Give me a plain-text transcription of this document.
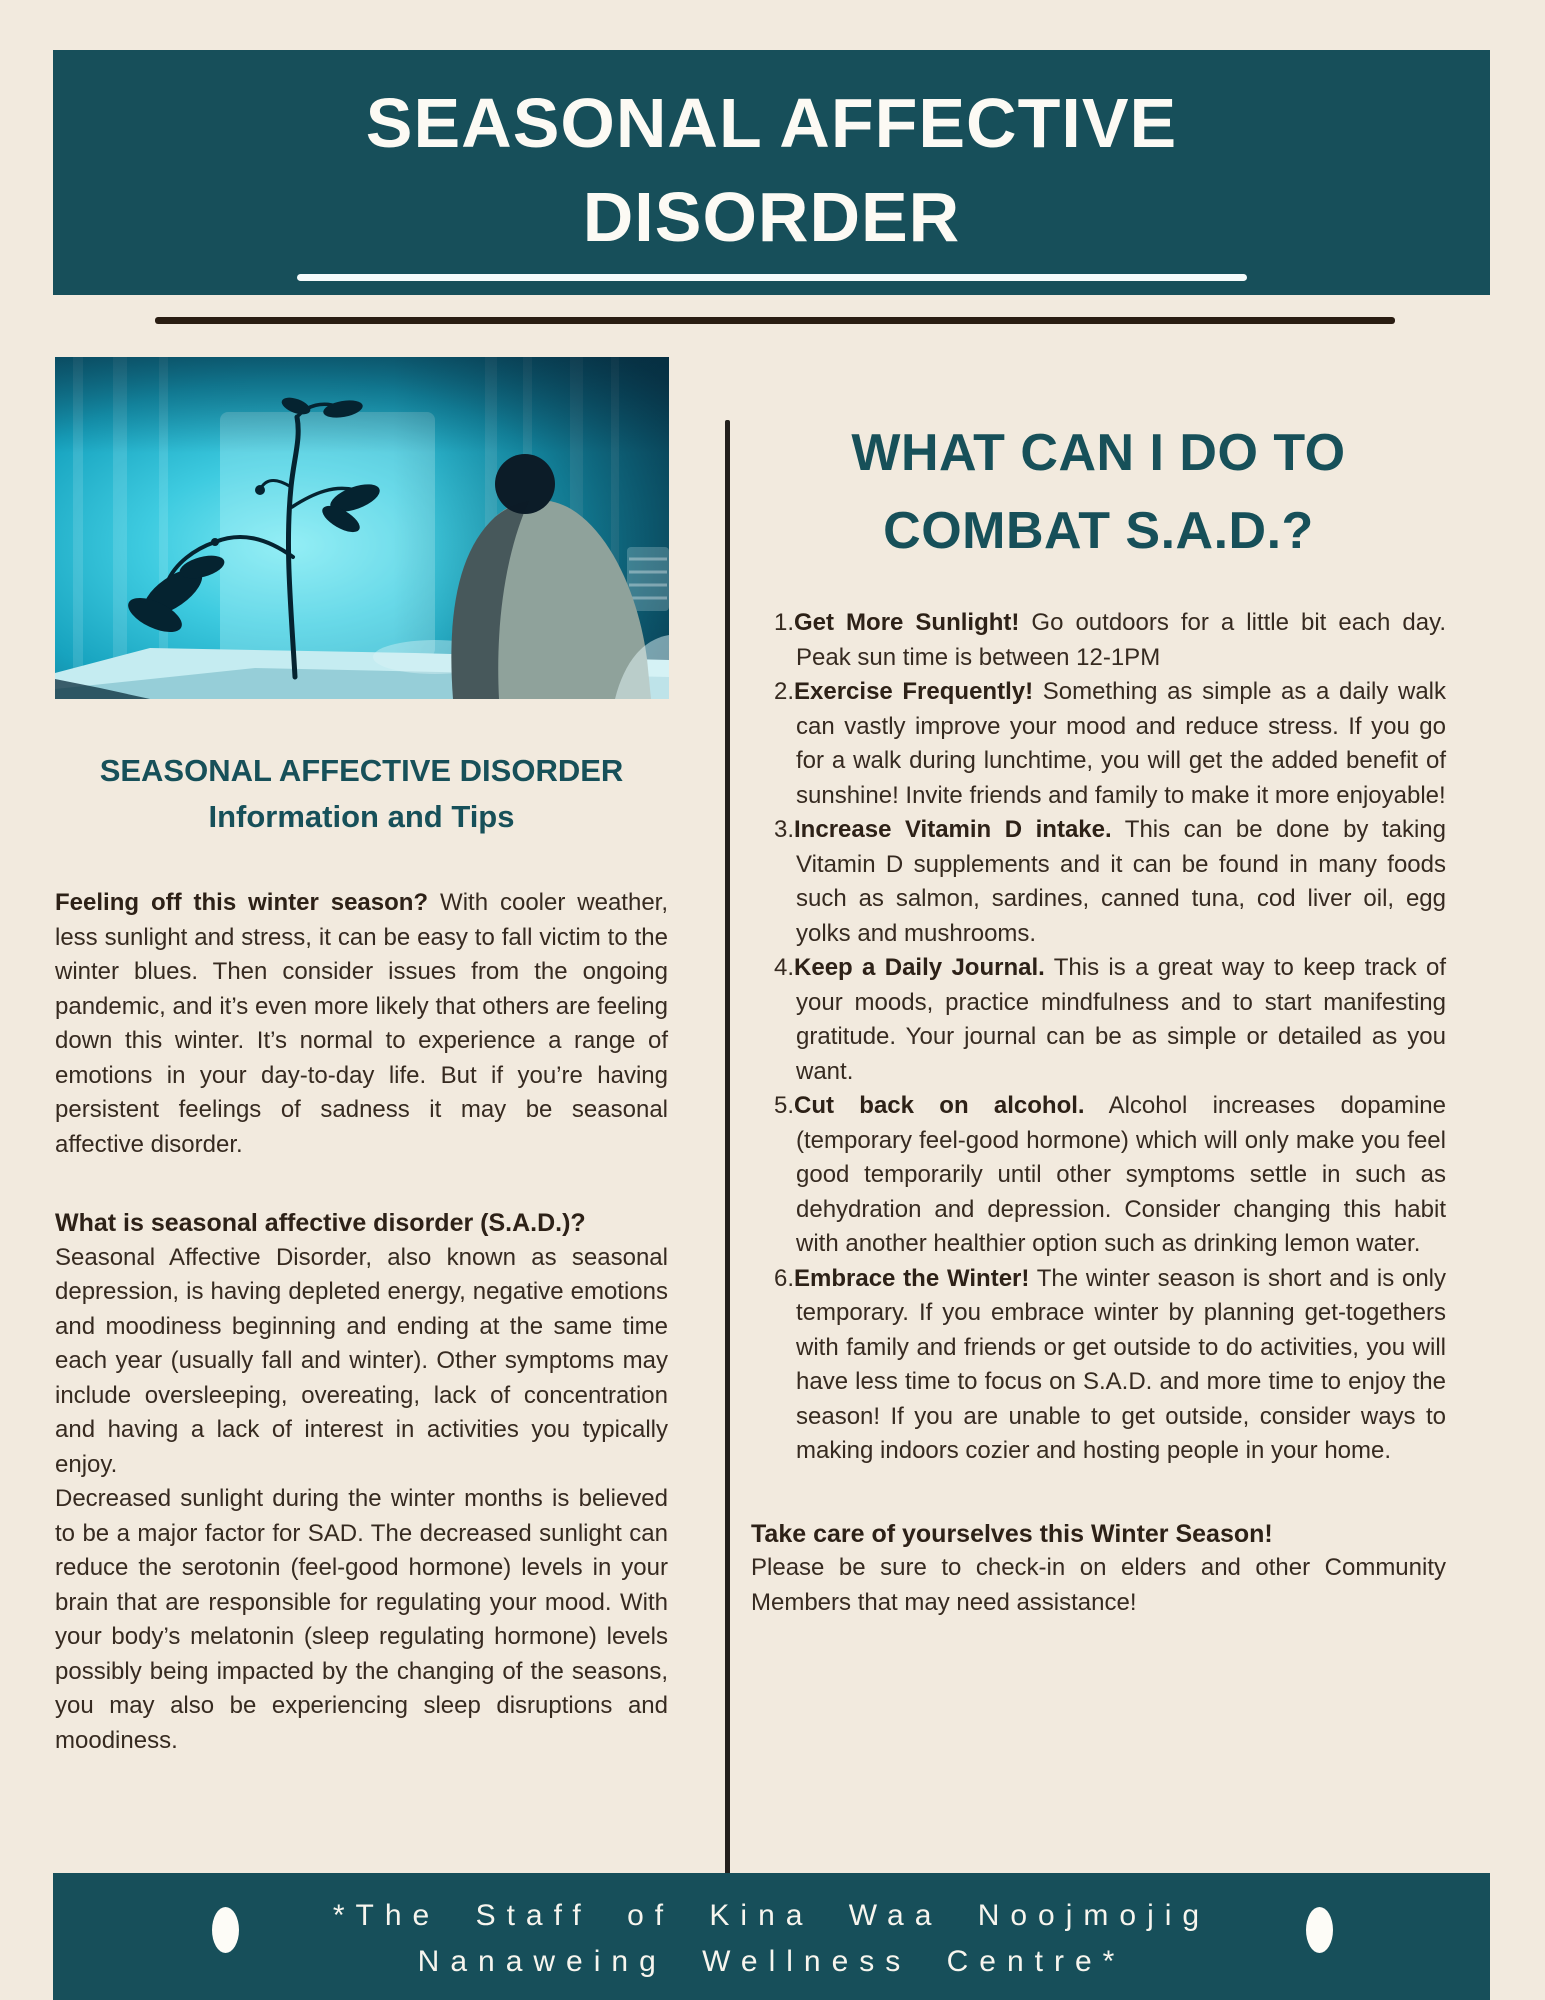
SEASONAL AFFECTIVE
DISORDER
SEASONAL AFFECTIVE DISORDER
Information and Tips

Feeling off this winter season? With cooler weather, less sunlight and stress, it can be easy to fall victim to the winter blues. Then consider issues from the ongoing pandemic, and it’s even more likely that others are feeling down this winter. It’s normal to experience a range of emotions in your day-to-day life. But if you’re having persistent feelings of sadness it may be seasonal affective disorder.

What is seasonal affective disorder (S.A.D.)?

Seasonal Affective Disorder, also known as seasonal depression, is having depleted energy, negative emotions and moodiness beginning and ending at the same time each year (usually fall and winter). Other symptoms may include oversleeping, overeating, lack of concentration and having a lack of interest in activities you typically enjoy.

Decreased sunlight during the winter months is believed to be a major factor for SAD. The decreased sunlight can reduce the serotonin (feel-good hormone) levels in your brain that are responsible for regulating your mood. With your body’s melatonin (sleep regulating hormone) levels possibly being impacted by the changing of the seasons, you may also be experiencing sleep disruptions and moodiness.

WHAT CAN I DO TO
COMBAT S.A.D.?
1.Get More Sunlight! Go outdoors for a little bit each day. Peak sun time is between 12-1PM
2.Exercise Frequently! Something as simple as a daily walk can vastly improve your mood and reduce stress. If you go for a walk during lunchtime, you will get the added benefit of sunshine! Invite friends and family to make it more enjoyable!
3.Increase Vitamin D intake. This can be done by taking Vitamin D supplements and it can be found in many foods such as salmon, sardines, canned tuna, cod liver oil, egg yolks and mushrooms.
4.Keep a Daily Journal. This is a great way to keep track of your moods, practice mindfulness and to start manifesting gratitude. Your journal can be as simple or detailed as you want.
5.Cut back on alcohol. Alcohol increases dopamine (temporary feel-good hormone) which will only make you feel good temporarily until other symptoms settle in such as dehydration and depression. Consider changing this habit with another healthier option such as drinking lemon water.
6.Embrace the Winter! The winter season is short and is only temporary. If you embrace winter by planning get-togethers with family and friends or get outside to do activities, you will have less time to focus on S.A.D. and more time to enjoy the season! If you are unable to get outside, consider ways to making indoors cozier and hosting people in your home.
Take care of yourselves this Winter Season!

Please be sure to check-in on elders and other Community Members that may need assistance!

*The Staff of Kina Waa Noojmojig

Nanaweing Wellness Centre*
